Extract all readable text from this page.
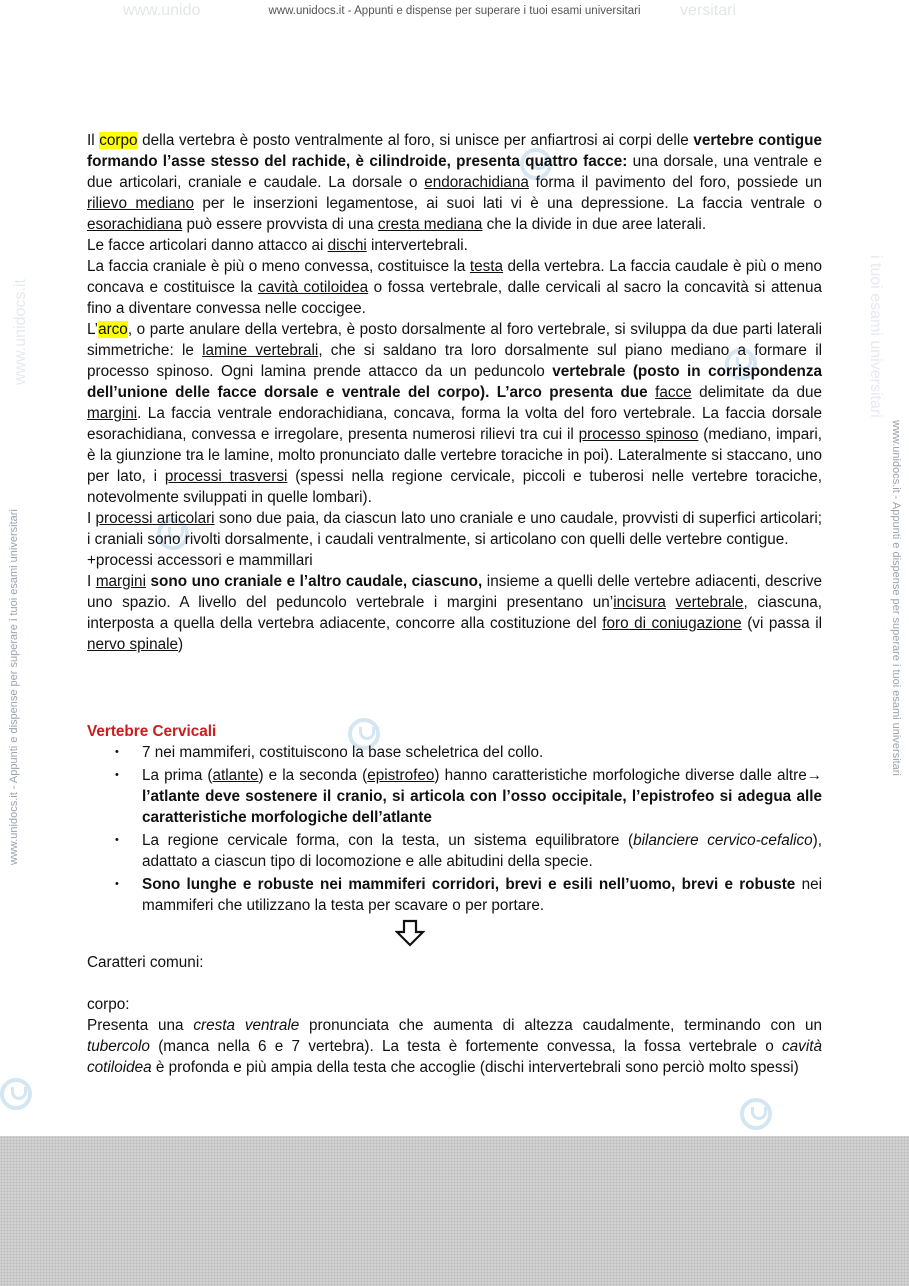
www.unido	www.unidocs.it - Appunti e dispense per superare i tuoi esami universitari versitari
www.unidocs.it - Appunti e dispense per superare i tuoi esami universitari	www.unidocs.it - Appunti e dispense per superare i tuoi esami universitari
www.unidocs.it	i tuoi esami universitari

Il corpo della vertebra è posto ventralmente al foro, si unisce per anfiartrosi ai corpi delle vertebre contigue formando l’asse stesso del rachide, è cilindroide, presenta quattro facce: una dorsale, una ventrale e due articolari, craniale e caudale. La dorsale o endorachidiana forma il pavimento del foro, possiede un rilievo mediano per le inserzioni legamentose, ai suoi lati vi è una depressione. La faccia ventrale o esorachidiana può essere provvista di una cresta mediana che la divide in due aree laterali.

Le facce articolari danno attacco ai dischi intervertebrali.

La faccia craniale è più o meno convessa, costituisce la testa della vertebra. La faccia caudale è più o meno concava e costituisce la cavità cotiloidea o fossa vertebrale, dalle cervicali al sacro la concavità si attenua fino a diventare convessa nelle coccigee.

L’arco, o parte anulare della vertebra, è posto dorsalmente al foro vertebrale, si sviluppa da due parti laterali simmetriche: le lamine vertebrali, che si saldano tra loro dorsalmente sul piano mediano a formare il processo spinoso. Ogni lamina prende attacco da un peduncolo vertebrale (posto in corrispondenza dell’unione delle facce dorsale e ventrale del corpo). L’arco presenta due facce delimitate da due margini. La faccia ventrale endorachidiana, concava, forma la volta del foro vertebrale. La faccia dorsale esorachidiana, convessa e irregolare, presenta numerosi rilievi tra cui il processo spinoso (mediano, impari, è la giunzione tra le lamine, molto pronunciato dalle vertebre toraciche in poi). Lateralmente si staccano, uno per lato, i processi trasversi (spessi nella regione cervicale, piccoli e tuberosi nelle vertebre toraciche, notevolmente sviluppati in quelle lombari).

I processi articolari sono due paia, da ciascun lato uno craniale e uno caudale, provvisti di superfici articolari; i craniali sono rivolti dorsalmente, i caudali ventralmente, si articolano con quelli delle vertebre contigue.

+processi accessori e mammillari

I margini sono uno craniale e l’altro caudale, ciascuno, insieme a quelli delle vertebre adiacenti, descrive uno spazio. A livello del peduncolo vertebrale i margini presentano un’incisura vertebrale, ciascuna, interposta a quella della vertebra adiacente, concorre alla costituzione del foro di coniugazione (vi passa il nervo spinale)

Vertebre Cervicali

• 7 nei mammiferi, costituiscono la base scheletrica del collo.
• La prima (atlante) e la seconda (epistrofeo) hanno caratteristiche morfologiche diverse dalle altre→ l’atlante deve sostenere il cranio, si articola con l’osso occipitale, l’epistrofeo si adegua alle caratteristiche morfologiche dell’atlante
• La regione cervicale forma, con la testa, un sistema equilibratore (bilanciere cervico-cefalico), adattato a ciascun tipo di locomozione e alle abitudini della specie.
• Sono lunghe e robuste nei mammiferi corridori, brevi e esili nell’uomo, brevi e robuste nei mammiferi che utilizzano la testa per scavare o per portare.

Caratteri comuni:

corpo:

Presenta una cresta ventrale pronunciata che aumenta di altezza caudalmente, terminando con un tubercolo (manca nella 6 e 7 vertebra). La testa è fortemente convessa, la fossa vertebrale o cavità cotiloidea è profonda e più ampia della testa che accoglie (dischi intervertebrali sono perciò molto spessi)
